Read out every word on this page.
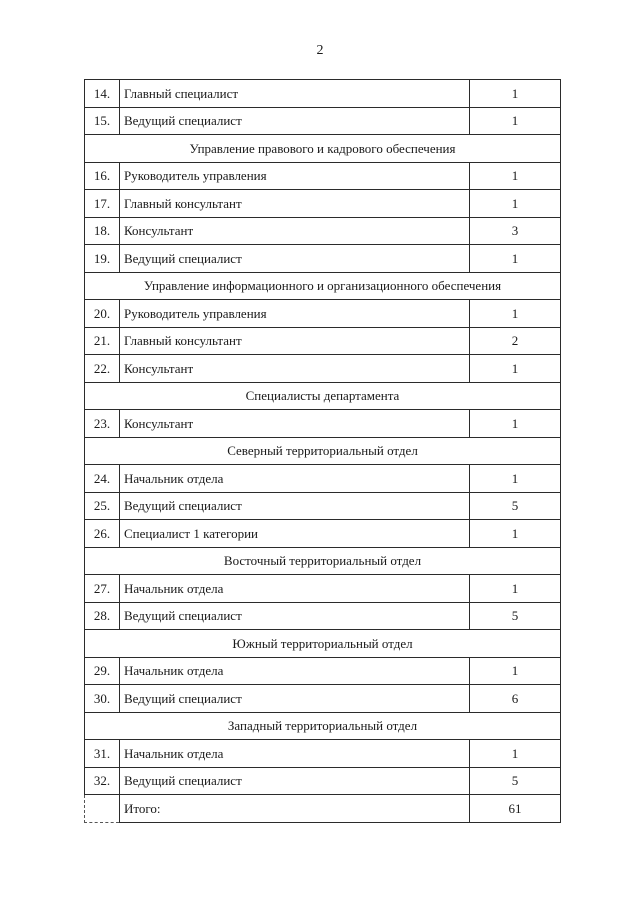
2
14.	Главный специалист	1
15.	Ведущий специалист	1
Управление правового и кадрового обеспечения		
16.	Руководитель управления	1
17.	Главный консультант	1
18.	Консультант	3
19.	Ведущий специалист	1
Управление информационного и организационного обеспечения		
20.	Руководитель управления	1
21.	Главный консультант	2
22.	Консультант	1
Специалисты департамента		
23.	Консультант	1
Северный территориальный отдел		
24.	Начальник отдела	1
25.	Ведущий специалист	5
26.	Специалист 1 категории	1
Восточный территориальный отдел		
27.	Начальник отдела	1
28.	Ведущий специалист	5
Южный территориальный отдел		
29.	Начальник отдела	1
30.	Ведущий специалист	6
Западный территориальный отдел		
31.	Начальник отдела	1
32.	Ведущий специалист	5
	Итого:	61
